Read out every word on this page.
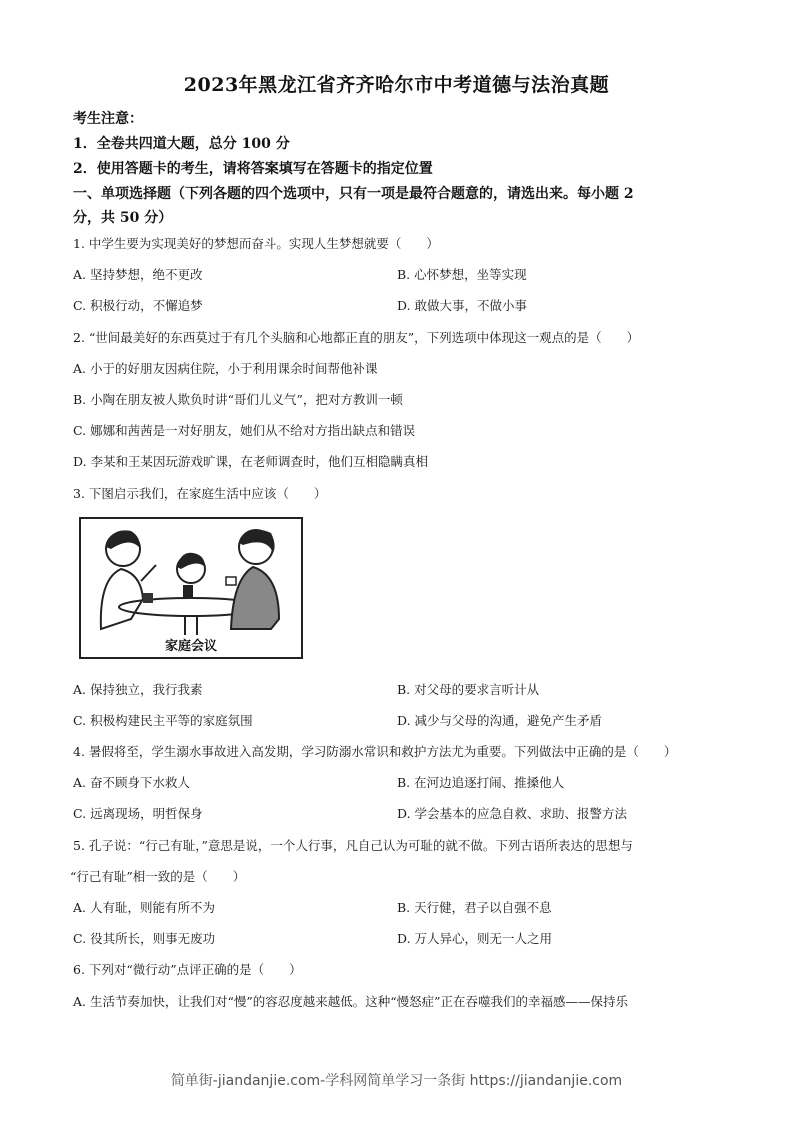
2023年黑龙江省齐齐哈尔市中考道德与法治真题
考生注意：
1．全卷共四道大题，总分 100 分
2．使用答题卡的考生，请将答案填写在答题卡的指定位置
一、单项选择题（下列各题的四个选项中，只有一项是最符合题意的，请选出来。每小题 2
分，共 50 分）
1. 中学生要为实现美好的梦想而奋斗。实现人生梦想就要（　　）
A. 坚持梦想，绝不更改	B. 心怀梦想，坐等实现
C. 积极行动，不懈追梦	D. 敢做大事，不做小事
2. “世间最美好的东西莫过于有几个头脑和心地都正直的朋友”，下列选项中体现这一观点的是（　　）
A. 小于的好朋友因病住院，小于利用课余时间帮他补课
B. 小陶在朋友被人欺负时讲“哥们儿义气”，把对方教训一顿
C. 娜娜和茜茜是一对好朋友，她们从不给对方指出缺点和错误
D. 李某和王某因玩游戏旷课，在老师调查时，他们互相隐瞒真相
3. 下图启示我们，在家庭生活中应该（　　）
家庭会议
A. 保持独立，我行我素	B. 对父母的要求言听计从
C. 积极构建民主平等的家庭氛围	D. 减少与父母的沟通，避免产生矛盾
4. 暑假将至，学生溺水事故进入高发期，学习防溺水常识和救护方法尤为重要。下列做法中正确的是（　　）
A. 奋不顾身下水救人	B. 在河边追逐打闹、推搡他人
C. 远离现场，明哲保身	D. 学会基本的应急自救、求助、报警方法
5. 孔子说：“行己有耻，”意思是说，一个人行事，凡自己认为可耻的就不做。下列古语所表达的思想与
“行己有耻”相一致的是（　　）
A. 人有耻，则能有所不为	B. 天行健，君子以自强不息
C. 役其所长，则事无废功	D. 万人异心，则无一人之用
6. 下列对“微行动”点评正确的是（　　）
A. 生活节奏加快，让我们对“慢”的容忍度越来越低。这种“慢怒症”正在吞噬我们的幸福感——保持乐
简单街-jiandanjie.com-学科网简单学习一条街 https://jiandanjie.com
